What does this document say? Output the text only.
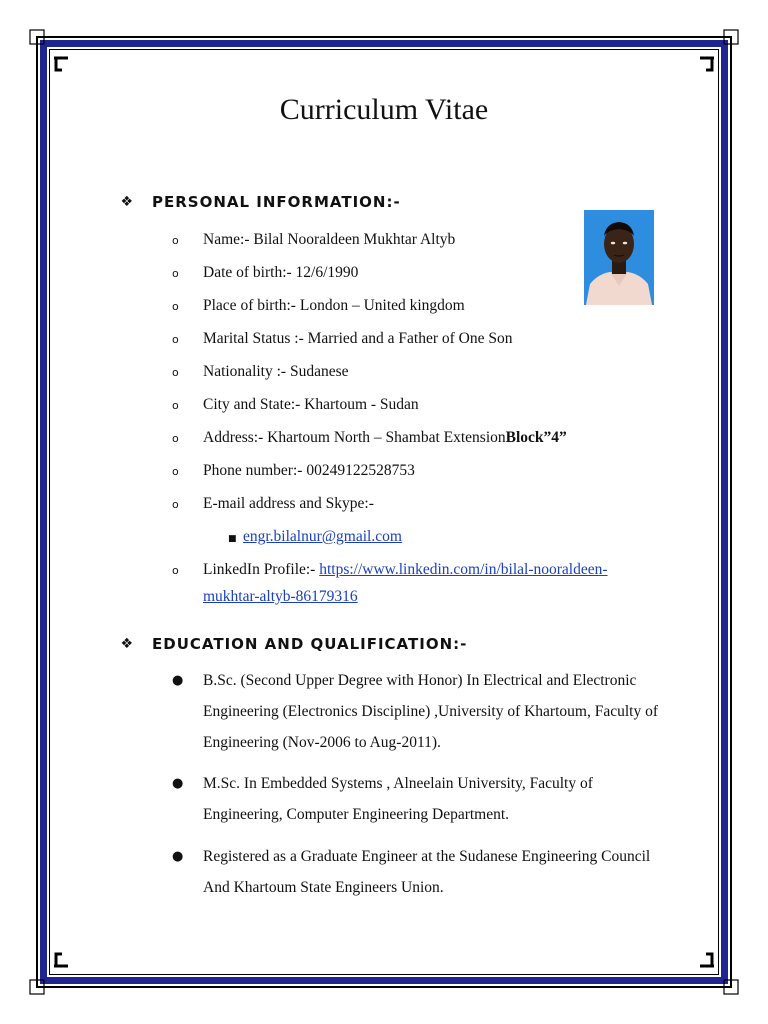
Curriculum Vitae
❖ PERSONAL INFORMATION:-
o	Name:- Bilal Nooraldeen Mukhtar Altyb
o	Date of birth:- 12/6/1990
o	Place of birth:- London – United kingdom
o	Marital Status :- Married and a Father of One Son
o	Nationality :- Sudanese
o	City and State:- Khartoum - Sudan
o	Address:- Khartoum North – Shambat Extension Block”4”
o	Phone number:- 00249122528753
o	E-mail address and Skype:-
■ engr.bilalnur@gmail.com
o LinkedIn Profile:- https://www.linkedin.com/in/bilal-nooraldeen-
mukhtar-altyb-86179316
❖ EDUCATION AND QUALIFICATION:-
●	B.Sc. (Second Upper Degree with Honor) In Electrical and Electronic Engineering (Electronics Discipline) ,University of Khartoum, Faculty of Engineering (Nov-2006 to Aug-2011).
●	M.Sc. In Embedded Systems , Alneelain University, Faculty of Engineering, Computer Engineering Department.
●	Registered as a Graduate Engineer at the Sudanese Engineering Council And Khartoum State Engineers Union.
